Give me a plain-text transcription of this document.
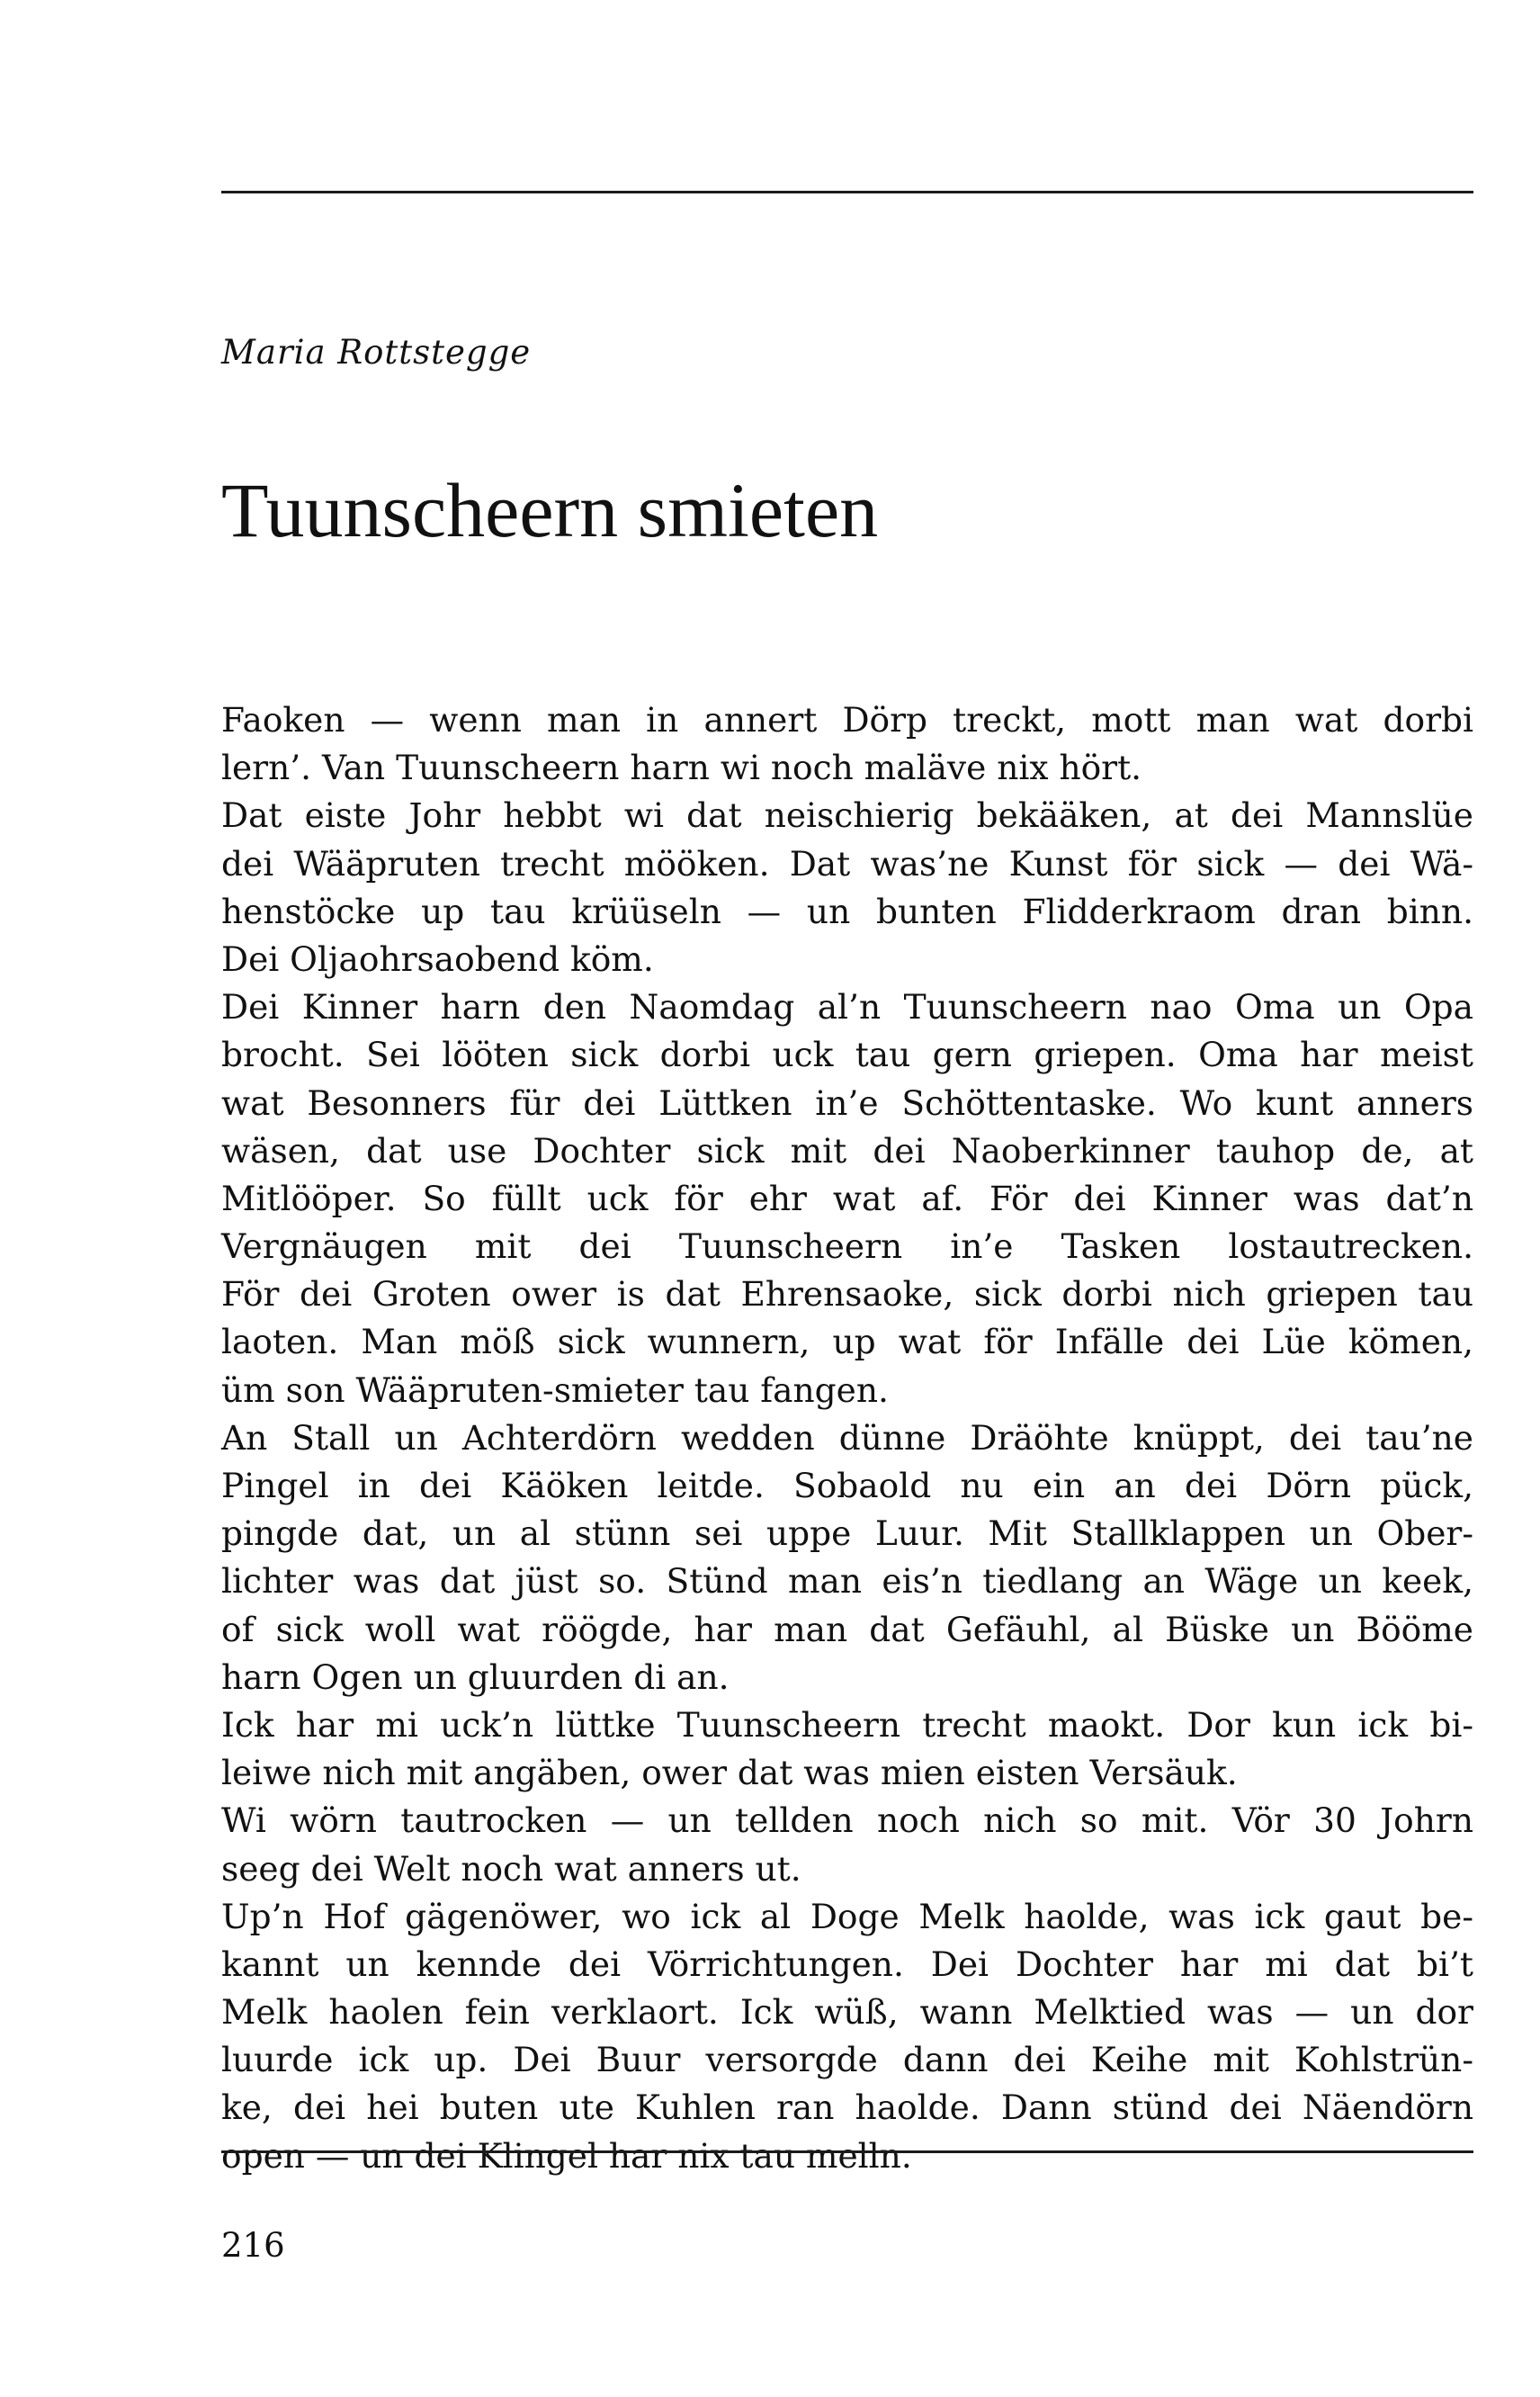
Maria Rottstegge
Tuunscheern smieten
Faoken — wenn man in annert Dörp treckt, mott man wat dorbi
lern’. Van Tuunscheern harn wi noch maläve nix hört.
Dat eiste Johr hebbt wi dat neischierig bekääken, at dei Mannslüe
dei Wääpruten trecht mööken. Dat was’ne Kunst för sick — dei Wä-
henstöcke up tau krüüseln — un bunten Flidderkraom dran binn.
Dei Oljaohrsaobend köm.
Dei Kinner harn den Naomdag al’n Tuunscheern nao Oma un Opa
brocht. Sei lööten sick dorbi uck tau gern griepen. Oma har meist
wat Besonners für dei Lüttken in’e Schöttentaske. Wo kunt anners
wäsen, dat use Dochter sick mit dei Naoberkinner tauhop de, at
Mitlööper. So füllt uck för ehr wat af. För dei Kinner was dat’n
Vergnäugen mit dei Tuunscheern in’e Tasken lostautrecken.
För dei Groten ower is dat Ehrensaoke, sick dorbi nich griepen tau
laoten. Man möß sick wunnern, up wat för Infälle dei Lüe kömen,
üm son Wääpruten-smieter tau fangen.
An Stall un Achterdörn wedden dünne Dräöhte knüppt, dei tau’ne
Pingel in dei Käöken leitde. Sobaold nu ein an dei Dörn pück,
pingde dat, un al stünn sei uppe Luur. Mit Stallklappen un Ober-
lichter was dat jüst so. Stünd man eis’n tiedlang an Wäge un keek,
of sick woll wat röögde, har man dat Gefäuhl, al Büske un Bööme
harn Ogen un gluurden di an.
Ick har mi uck’n lüttke Tuunscheern trecht maokt. Dor kun ick bi-
leiwe nich mit angäben, ower dat was mien eisten Versäuk.
Wi wörn tautrocken — un tellden noch nich so mit. Vör 30 Johrn
seeg dei Welt noch wat anners ut.
Up’n Hof gägenöwer, wo ick al Doge Melk haolde, was ick gaut be-
kannt un kennde dei Vörrichtungen. Dei Dochter har mi dat bi’t
Melk haolen fein verklaort. Ick wüß, wann Melktied was — un dor
luurde ick up. Dei Buur versorgde dann dei Keihe mit Kohlstrün-
ke, dei hei buten ute Kuhlen ran haolde. Dann stünd dei Näendörn
open — un dei Klingel har nix tau melln.
216
